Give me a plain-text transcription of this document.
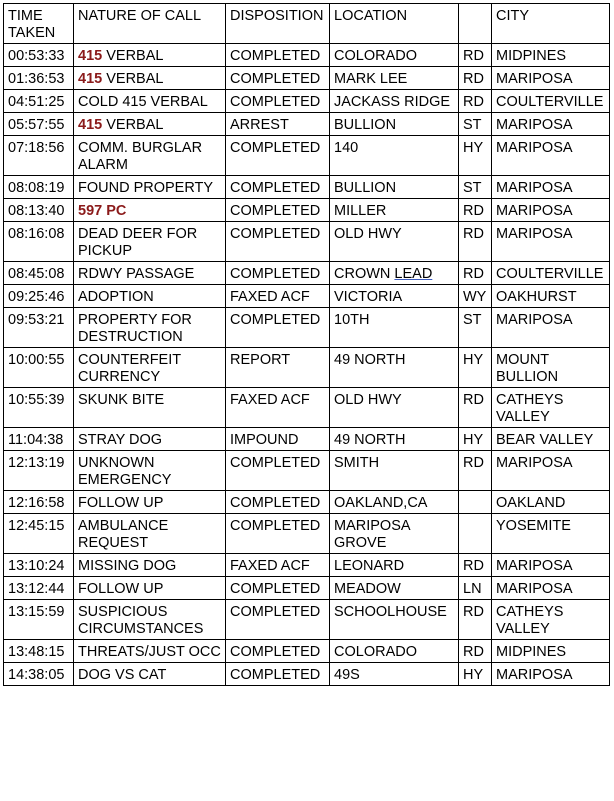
TIME TAKEN	NATURE OF CALL	DISPOSITION	LOCATION		CITY
00:53:33	415 VERBAL	COMPLETED	COLORADO	RD	MIDPINES
01:36:53	415 VERBAL	COMPLETED	MARK LEE	RD	MARIPOSA
04:51:25	COLD 415 VERBAL	COMPLETED	JACKASS RIDGE	RD	COULTERVILLE
05:57:55	415 VERBAL	ARREST	BULLION	ST	MARIPOSA
07:18:56	COMM. BURGLAR ALARM	COMPLETED	140	HY	MARIPOSA
08:08:19	FOUND PROPERTY	COMPLETED	BULLION	ST	MARIPOSA
08:13:40	597 PC	COMPLETED	MILLER	RD	MARIPOSA
08:16:08	DEAD DEER FOR PICKUP	COMPLETED	OLD HWY	RD	MARIPOSA
08:45:08	RDWY PASSAGE	COMPLETED	CROWN LEAD	RD	COULTERVILLE
09:25:46	ADOPTION	FAXED ACF	VICTORIA	WY	OAKHURST
09:53:21	PROPERTY FOR DESTRUCTION	COMPLETED	10TH	ST	MARIPOSA
10:00:55	COUNTERFEIT CURRENCY	REPORT	49 NORTH	HY	MOUNT BULLION
10:55:39	SKUNK BITE	FAXED ACF	OLD HWY	RD	CATHEYS VALLEY
11:04:38	STRAY DOG	IMPOUND	49 NORTH	HY	BEAR VALLEY
12:13:19	UNKNOWN EMERGENCY	COMPLETED	SMITH	RD	MARIPOSA
12:16:58	FOLLOW UP	COMPLETED	OAKLAND,CA		OAKLAND
12:45:15	AMBULANCE REQUEST	COMPLETED	MARIPOSA GROVE		YOSEMITE
13:10:24	MISSING DOG	FAXED ACF	LEONARD	RD	MARIPOSA
13:12:44	FOLLOW UP	COMPLETED	MEADOW	LN	MARIPOSA
13:15:59	SUSPICIOUS CIRCUMSTANCES	COMPLETED	SCHOOLHOUSE	RD	CATHEYS VALLEY
13:48:15	THREATS/JUST OCC	COMPLETED	COLORADO	RD	MIDPINES
14:38:05	DOG VS CAT	COMPLETED	49S	HY	MARIPOSA
